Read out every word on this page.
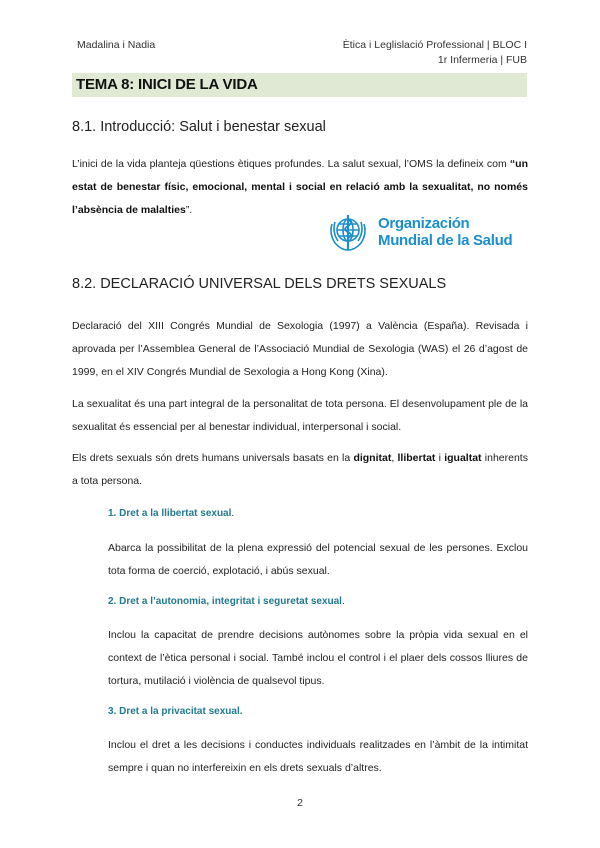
Madalina i Nadia	Ètica i Leglislació Professional | BLOC I
1r Infermeria | FUB
TEMA 8: INICI DE LA VIDA
8.1. Introducció: Salut i benestar sexual
L’inici de la vida planteja qüestions ètiques profundes. La salut sexual, l’OMS la defineix com “un estat de benestar físic, emocional, mental i social en relació amb la sexualitat, no només l’absència de malalties”.
Organización
Mundial de la Salud
8.2. DECLARACIÓ UNIVERSAL DELS DRETS SEXUALS
Declaració del XIII Congrés Mundial de Sexologia (1997) a València (España). Revisada i aprovada per l’Assemblea General de l’Associació Mundial de Sexologia (WAS) el 26 d’agost de 1999, en el XIV Congrés Mundial de Sexologia a Hong Kong (Xina).
La sexualitat és una part integral de la personalitat de tota persona. El desenvolupament ple de la sexualitat és essencial per al benestar individual, interpersonal i social.
Els drets sexuals són drets humans universals basats en la dignitat, llibertat i igualtat inherents a tota persona.
1. Dret a la llibertat sexual.
Abarca la possibilitat de la plena expressió del potencial sexual de les persones. Exclou tota forma de coerció, explotació, i abús sexual.
2. Dret a l’autonomia, integritat i seguretat sexual.
Inclou la capacitat de prendre decisions autònomes sobre la pròpia vida sexual en el context de l’ètica personal i social. També inclou el control i el plaer dels cossos lliures de tortura, mutilació i violència de qualsevol tipus.
3. Dret a la privacitat sexual.
Inclou el dret a les decisions i conductes individuals realitzades en l’àmbit de la intimitat sempre i quan no interfereixin en els drets sexuals d’altres.
2
